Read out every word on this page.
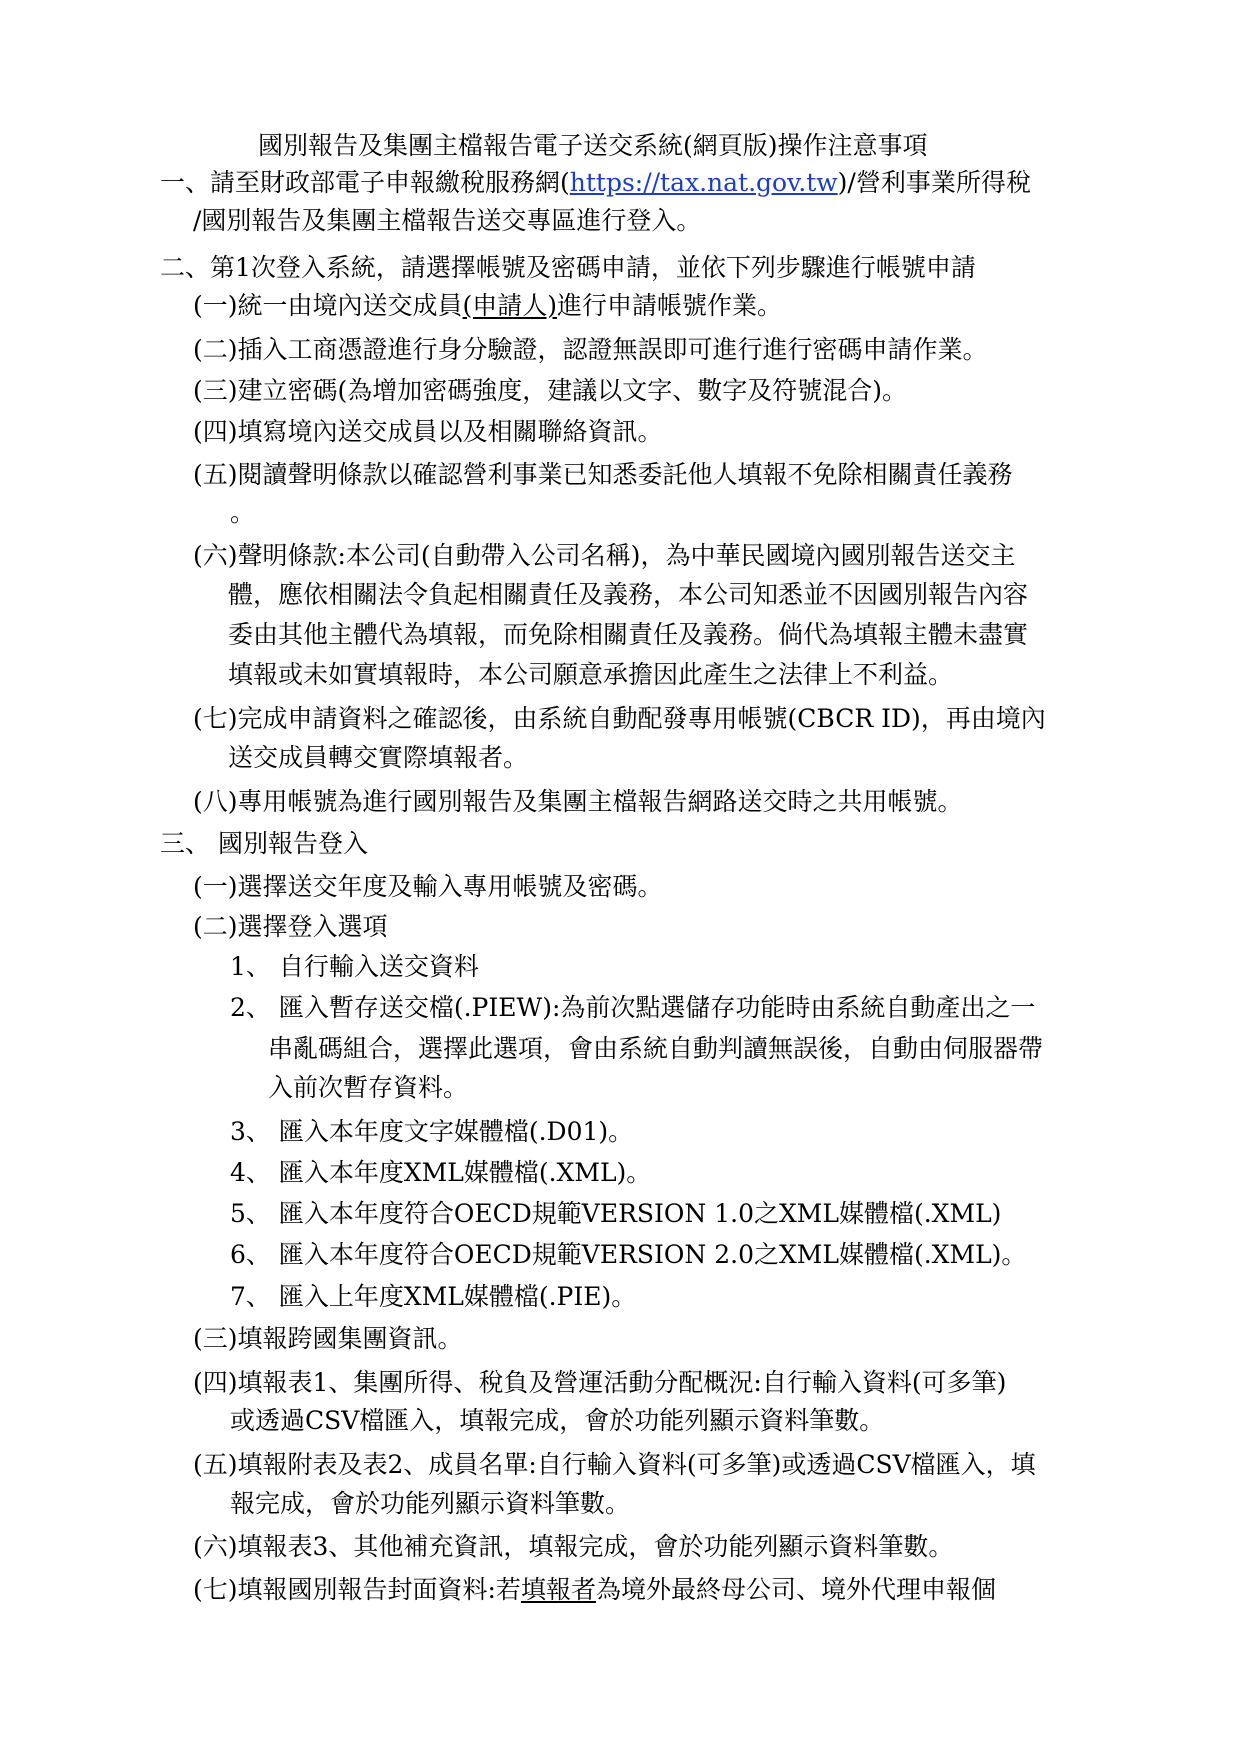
國別報告及集團主檔報告電子送交系統(網頁版)操作注意事項
一、請至財政部電子申報繳稅服務網(https://tax.nat.gov.tw)/營利事業所得稅
/國別報告及集團主檔報告送交專區進行登入。
二、第1次登入系統，請選擇帳號及密碼申請，並依下列步驟進行帳號申請
(一)統一由境內送交成員(申請人)進行申請帳號作業。
(二)插入工商憑證進行身分驗證，認證無誤即可進行進行密碼申請作業。
(三)建立密碼(為增加密碼強度，建議以文字、數字及符號混合)。
(四)填寫境內送交成員以及相關聯絡資訊。
(五)閱讀聲明條款以確認營利事業已知悉委託他人填報不免除相關責任義務
。
(六)聲明條款:本公司(自動帶入公司名稱)，為中華民國境內國別報告送交主
體，應依相關法令負起相關責任及義務，本公司知悉並不因國別報告內容
委由其他主體代為填報，而免除相關責任及義務。倘代為填報主體未盡實
填報或未如實填報時，本公司願意承擔因此產生之法律上不利益。
(七)完成申請資料之確認後，由系統自動配發專用帳號(CBCR ID)，再由境內
送交成員轉交實際填報者。
(八)專用帳號為進行國別報告及集團主檔報告網路送交時之共用帳號。
三、 國別報告登入
(一)選擇送交年度及輸入專用帳號及密碼。
(二)選擇登入選項
1、 自行輸入送交資料
2、 匯入暫存送交檔(.PIEW):為前次點選儲存功能時由系統自動產出之一
串亂碼組合，選擇此選項，會由系統自動判讀無誤後，自動由伺服器帶
入前次暫存資料。
3、 匯入本年度文字媒體檔(.D01)。
4、 匯入本年度XML媒體檔(.XML)。
5、 匯入本年度符合OECD規範VERSION 1.0之XML媒體檔(.XML)
6、 匯入本年度符合OECD規範VERSION 2.0之XML媒體檔(.XML)。
7、 匯入上年度XML媒體檔(.PIE)。
(三)填報跨國集團資訊。
(四)填報表1、集團所得、稅負及營運活動分配概況:自行輸入資料(可多筆)
或透過CSV檔匯入，填報完成，會於功能列顯示資料筆數。
(五)填報附表及表2、成員名單:自行輸入資料(可多筆)或透過CSV檔匯入，填
報完成，會於功能列顯示資料筆數。
(六)填報表3、其他補充資訊，填報完成，會於功能列顯示資料筆數。
(七)填報國別報告封面資料:若填報者為境外最終母公司、境外代理申報個
